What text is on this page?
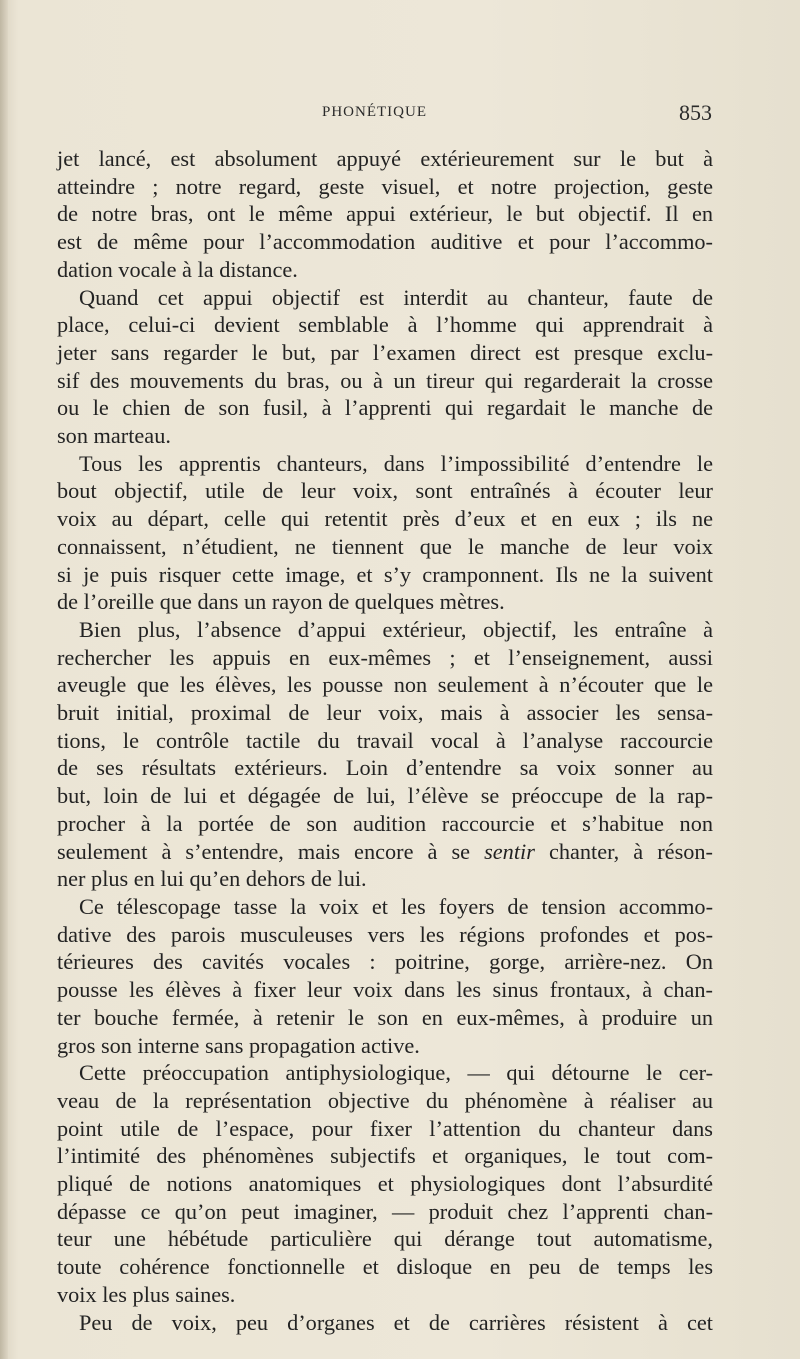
PHONÉTIQUE	853
jet lancé, est absolument appuyé extérieurement sur le but à
atteindre ; notre regard, geste visuel, et notre projection, geste
de notre bras, ont le même appui extérieur, le but objectif. Il en
est de même pour l’accommodation auditive et pour l’accommo-
dation vocale à la distance.
Quand cet appui objectif est interdit au chanteur, faute de
place, celui-ci devient semblable à l’homme qui apprendrait à
jeter sans regarder le but, par l’examen direct est presque exclu-
sif des mouvements du bras, ou à un tireur qui regarderait la crosse
ou le chien de son fusil, à l’apprenti qui regardait le manche de
son marteau.
Tous les apprentis chanteurs, dans l’impossibilité d’entendre le
bout objectif, utile de leur voix, sont entraînés à écouter leur
voix au départ, celle qui retentit près d’eux et en eux ; ils ne
connaissent, n’étudient, ne tiennent que le manche de leur voix
si je puis risquer cette image, et s’y cramponnent. Ils ne la suivent
de l’oreille que dans un rayon de quelques mètres.
Bien plus, l’absence d’appui extérieur, objectif, les entraîne à
rechercher les appuis en eux-mêmes ; et l’enseignement, aussi
aveugle que les élèves, les pousse non seulement à n’écouter que le
bruit initial, proximal de leur voix, mais à associer les sensa-
tions, le contrôle tactile du travail vocal à l’analyse raccourcie
de ses résultats extérieurs. Loin d’entendre sa voix sonner au
but, loin de lui et dégagée de lui, l’élève se préoccupe de la rap-
procher à la portée de son audition raccourcie et s’habitue non
seulement à s’entendre, mais encore à se sentir chanter, à réson-
ner plus en lui qu’en dehors de lui.
Ce télescopage tasse la voix et les foyers de tension accommo-
dative des parois musculeuses vers les régions profondes et pos-
térieures des cavités vocales : poitrine, gorge, arrière-nez. On
pousse les élèves à fixer leur voix dans les sinus frontaux, à chan-
ter bouche fermée, à retenir le son en eux-mêmes, à produire un
gros son interne sans propagation active.
Cette préoccupation antiphysiologique, — qui détourne le cer-
veau de la représentation objective du phénomène à réaliser au
point utile de l’espace, pour fixer l’attention du chanteur dans
l’intimité des phénomènes subjectifs et organiques, le tout com-
pliqué de notions anatomiques et physiologiques dont l’absurdité
dépasse ce qu’on peut imaginer, — produit chez l’apprenti chan-
teur une hébétude particulière qui dérange tout automatisme,
toute cohérence fonctionnelle et disloque en peu de temps les
voix les plus saines.
Peu de voix, peu d’organes et de carrières résistent à cet
